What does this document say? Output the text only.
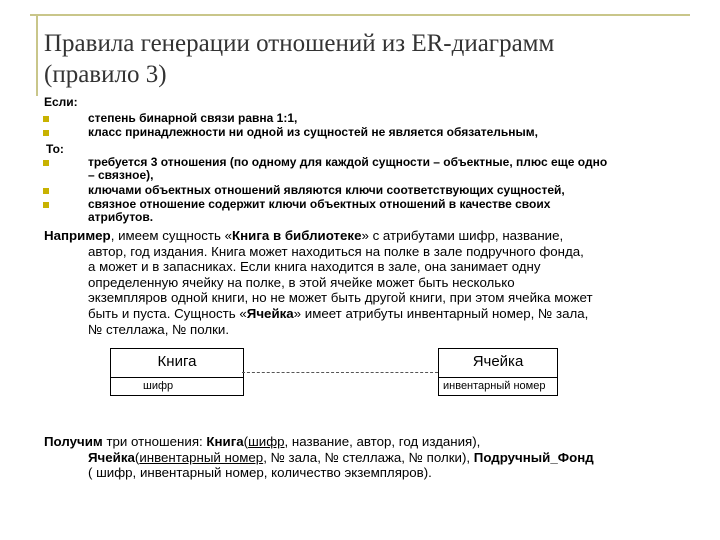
Правила генерации отношений из ER-диаграмм
(правило 3)
Если:
степень бинарной связи равна 1:1,
класс принадлежности ни одной из сущностей не является обязательным,
То:
требуется 3 отношения (по одному для каждой сущности – объектные, плюс еще одно
– связное),
ключами объектных отношений являются ключи соответствующих сущностей,
связное отношение содержит ключи объектных отношений в качестве своих
атрибутов.
Например, имеем сущность «Книга в библиотеке» с атрибутами шифр, название,
автор, год издания. Книга может находиться на полке в зале подручного фонда,
а может и в запасниках. Если книга находится в зале, она занимает одну
определенную ячейку на полке, в этой ячейке может быть несколько
экземпляров одной книги, но не может быть другой книги, при этом ячейка может
быть и пуста. Сущность «Ячейка» имеет атрибуты инвентарный номер, № зала,
№ стеллажа, № полки.
Книга
шифр
Ячейка
инвентарный номер
Получим три отношения: Книга(шифр, название, автор, год издания),
Ячейка(инвентарный номер, № зала, № стеллажа, № полки), Подручный_Фонд
( шифр, инвентарный номер, количество экземпляров).
